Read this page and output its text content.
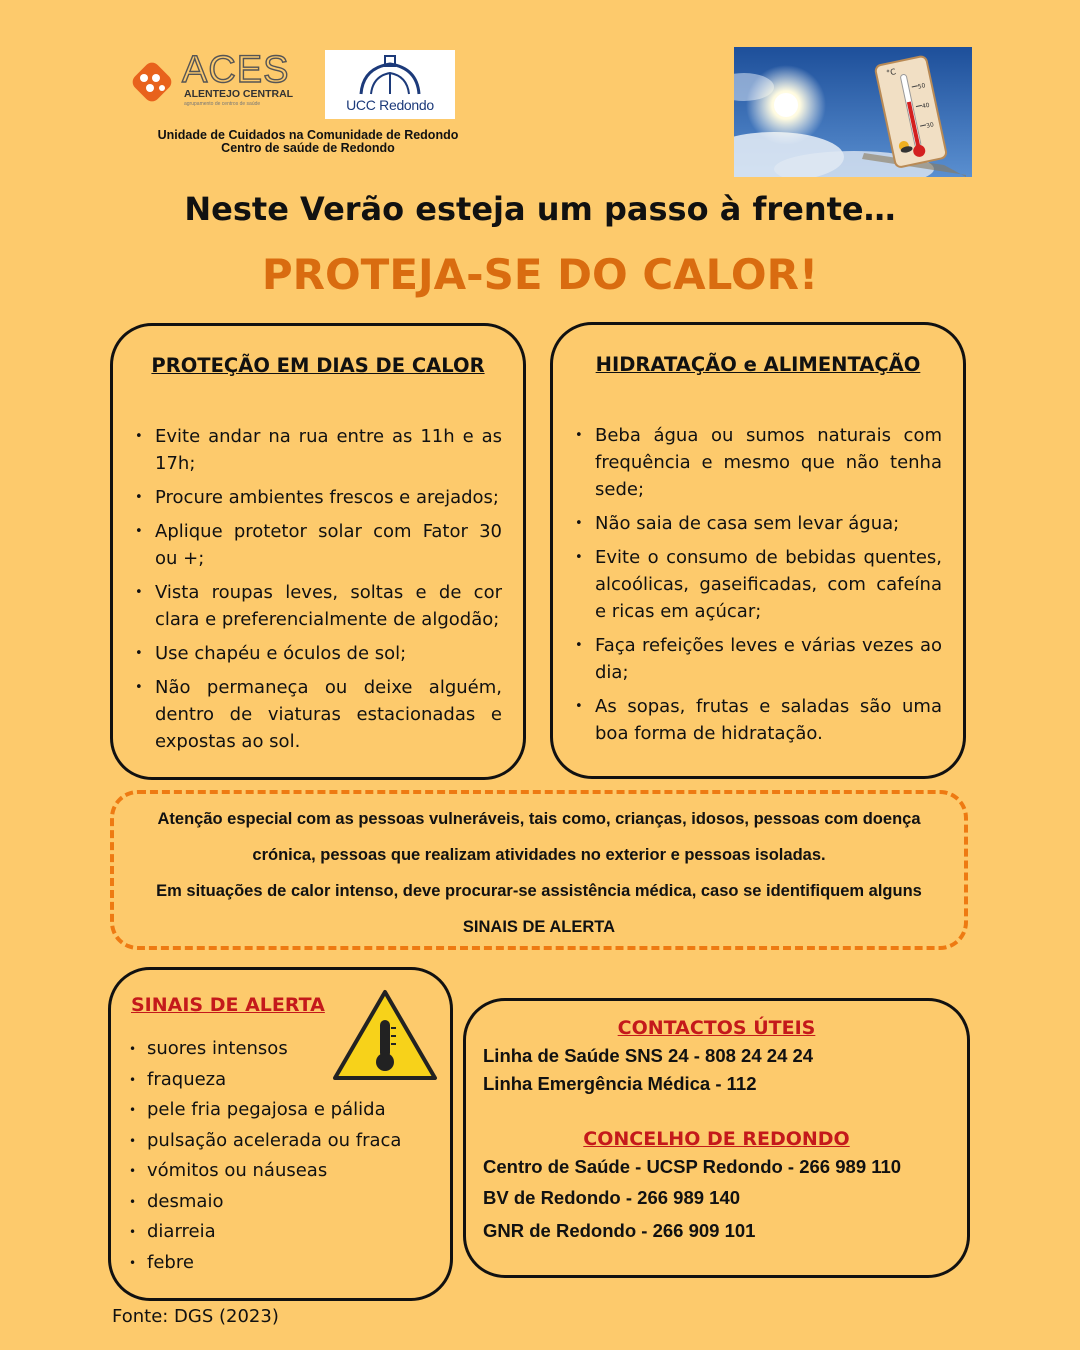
ACES
ALENTEJO CENTRAL
agrupamento de centros de saúde	UCC Redondo
Unidade de Cuidados na Comunidade de Redondo
Centro de saúde de Redondo
°C
50
40
30
Neste Verão esteja um passo à frente…
PROTEJA-SE DO CALOR!
PROTEÇÃO EM DIAS DE CALOR
• Evite andar na rua entre as 11h e as 17h;
• Procure ambientes frescos e arejados;
• Aplique protetor solar com Fator 30 ou +;
• Vista roupas leves, soltas e de cor clara e preferencialmente de algodão;
• Use chapéu e óculos de sol;
• Não permaneça ou deixe alguém, dentro de viaturas estacionadas e expostas ao sol.
HIDRATAÇÃO e ALIMENTAÇÃO
• Beba água ou sumos naturais com frequência e mesmo que não tenha sede;
• Não saia de casa sem levar água;
• Evite o consumo de bebidas quentes, alcoólicas, gaseificadas, com cafeína e ricas em açúcar;
• Faça refeições leves e várias vezes ao dia;
• As sopas, frutas e saladas são uma boa forma de hidratação.
Atenção especial com as pessoas vulneráveis, tais como, crianças, idosos, pessoas com doença
crónica, pessoas que realizam atividades no exterior e pessoas isoladas.
Em situações de calor intenso, deve procurar-se assistência médica, caso se identifiquem alguns
SINAIS DE ALERTA
SINAIS DE ALERTA
• suores intensos
• fraqueza
• pele fria pegajosa e pálida
• pulsação acelerada ou fraca
• vómitos ou náuseas
• desmaio
• diarreia
• febre
CONTACTOS ÚTEIS
Linha de Saúde SNS 24 - 808 24 24 24
Linha Emergência Médica - 112
CONCELHO DE REDONDO
Centro de Saúde - UCSP Redondo - 266 989 110
BV de Redondo - 266 989 140
GNR de Redondo - 266 909 101
Fonte: DGS (2023)
